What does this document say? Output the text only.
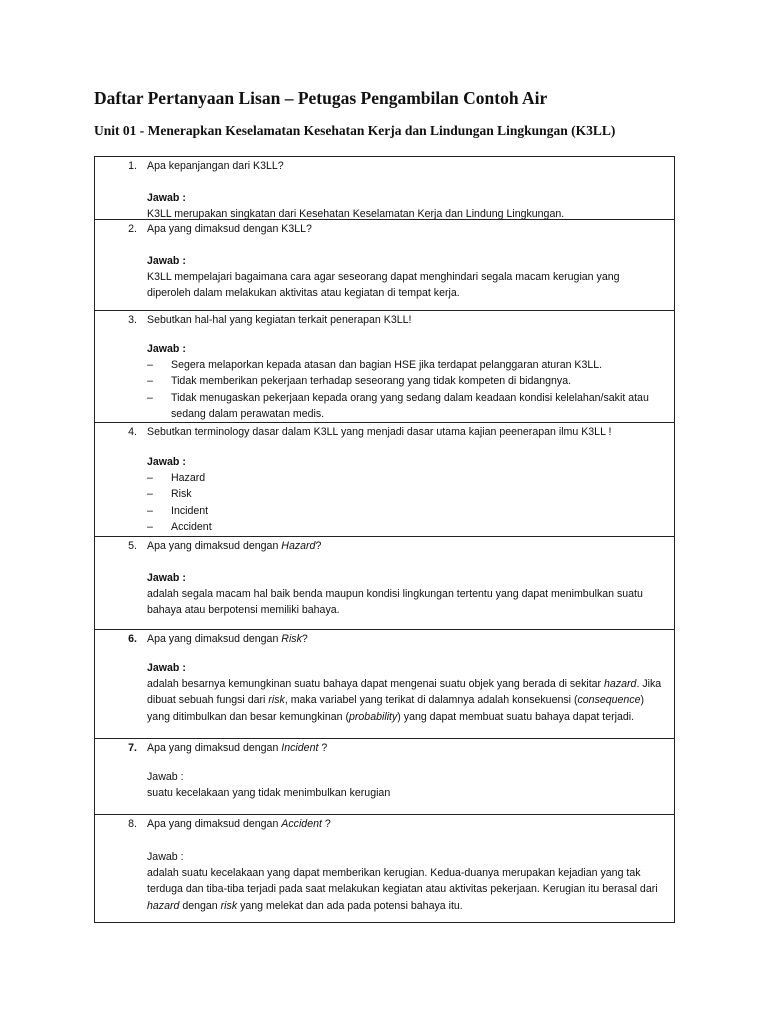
Daftar Pertanyaan Lisan – Petugas Pengambilan Contoh Air
Unit 01 - Menerapkan Keselamatan Kesehatan Kerja dan Lindungan Lingkungan (K3LL)
1. Apa kepanjangan dari K3LL?
Jawab :
K3LL merupakan singkatan dari Kesehatan Keselamatan Kerja dan Lindung Lingkungan.
2. Apa yang dimaksud dengan K3LL?
Jawab :
K3LL mempelajari bagaimana cara agar seseorang dapat menghindari segala macam kerugian yang
diperoleh dalam melakukan aktivitas atau kegiatan di tempat kerja.
3. Sebutkan hal-hal yang kegiatan terkait penerapan K3LL!
Jawab :
– Segera melaporkan kepada atasan dan bagian HSE jika terdapat pelanggaran aturan K3LL.
– Tidak memberikan pekerjaan terhadap seseorang yang tidak kompeten di bidangnya.
– Tidak menugaskan pekerjaan kepada orang yang sedang dalam keadaan kondisi kelelahan/sakit atau
sedang dalam perawatan medis.
4. Sebutkan terminology dasar dalam K3LL yang menjadi dasar utama kajian peenerapan ilmu K3LL !
Jawab :
– Hazard
– Risk
– Incident
– Accident
5. Apa yang dimaksud dengan Hazard?
Jawab :
adalah segala macam hal baik benda maupun kondisi lingkungan tertentu yang dapat menimbulkan suatu
bahaya atau berpotensi memiliki bahaya.
6. Apa yang dimaksud dengan Risk?
Jawab :
adalah besarnya kemungkinan suatu bahaya dapat mengenai suatu objek yang berada di sekitar hazard. Jika
dibuat sebuah fungsi dari risk, maka variabel yang terikat di dalamnya adalah konsekuensi (consequence)
yang ditimbulkan dan besar kemungkinan (probability) yang dapat membuat suatu bahaya dapat terjadi.
7. Apa yang dimaksud dengan Incident ?
Jawab :
suatu kecelakaan yang tidak menimbulkan kerugian
8. Apa yang dimaksud dengan Accident ?
Jawab :
adalah suatu kecelakaan yang dapat memberikan kerugian. Kedua-duanya merupakan kejadian yang tak
terduga dan tiba-tiba terjadi pada saat melakukan kegiatan atau aktivitas pekerjaan. Kerugian itu berasal dari
hazard dengan risk yang melekat dan ada pada potensi bahaya itu.
